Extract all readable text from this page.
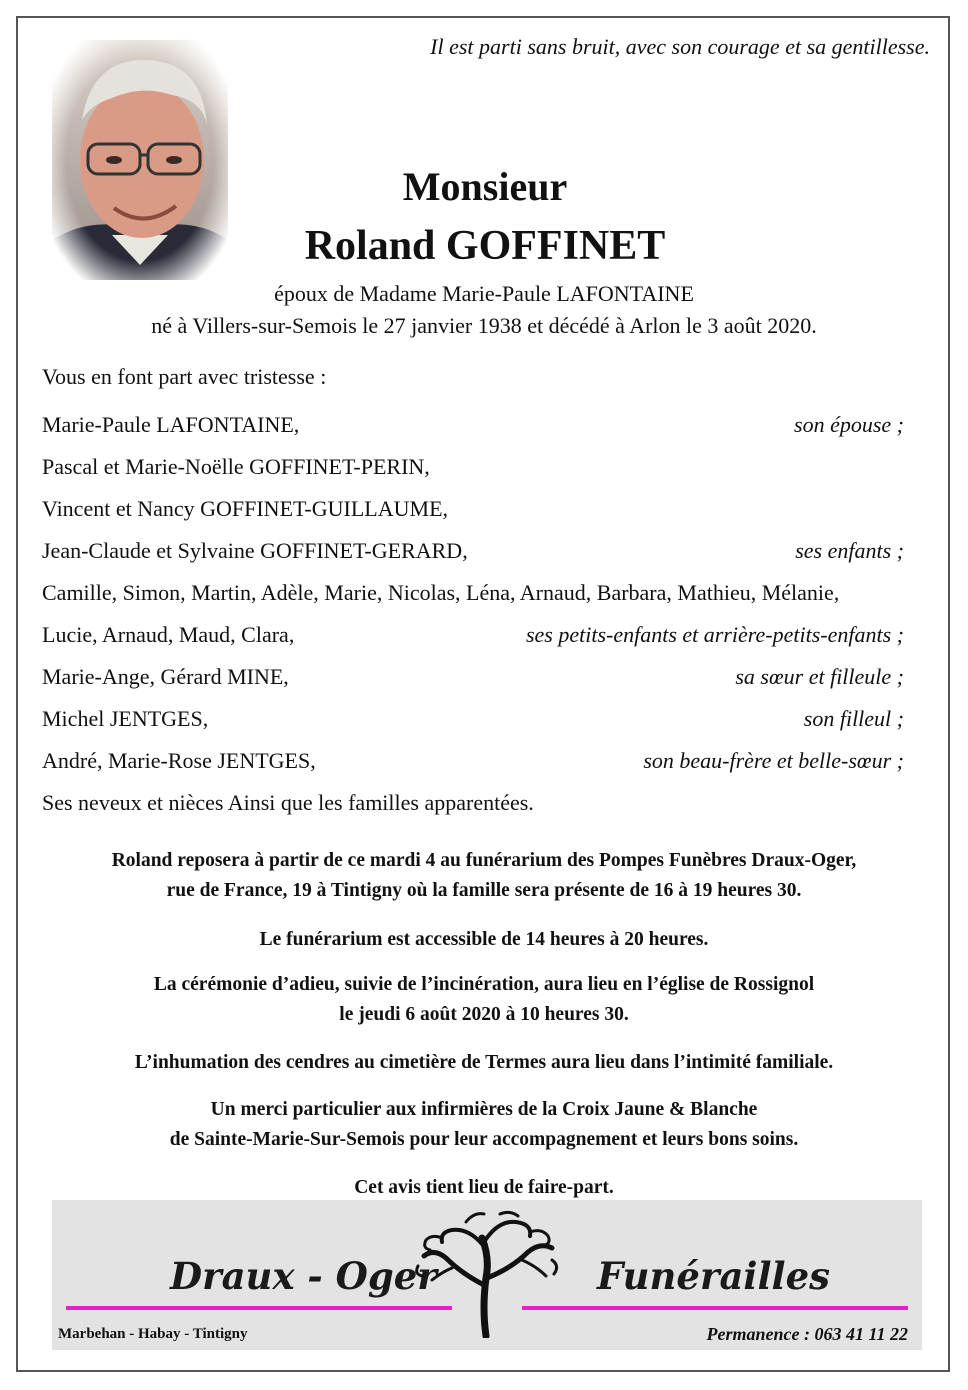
Il est parti sans bruit, avec son courage et sa gentillesse.
Monsieur
Roland GOFFINET
époux de Madame Marie-Paule LAFONTAINE
né à Villers-sur-Semois le 27 janvier 1938 et décédé à Arlon le 3 août 2020.
Vous en font part avec tristesse :
Marie-Paule LAFONTAINE,	son épouse ;
Pascal et Marie-Noëlle GOFFINET-PERIN,
Vincent et Nancy GOFFINET-GUILLAUME,
Jean-Claude et Sylvaine GOFFINET-GERARD,	ses enfants ;
Camille, Simon, Martin, Adèle, Marie, Nicolas, Léna, Arnaud, Barbara, Mathieu, Mélanie,
Lucie, Arnaud, Maud, Clara,	ses petits-enfants et arrière-petits-enfants ;
Marie-Ange, Gérard MINE,	sa sœur et filleule ;
Michel JENTGES,	son filleul ;
André, Marie-Rose JENTGES,	son beau-frère et belle-sœur ;
Ses neveux et nièces Ainsi que les familles apparentées.
Roland reposera à partir de ce mardi 4 au funérarium des Pompes Funèbres Draux-Oger,
rue de France, 19 à Tintigny où la famille sera présente de 16 à 19 heures 30.
Le funérarium est accessible de 14 heures à 20 heures.
La cérémonie d’adieu, suivie de l’incinération, aura lieu en l’église de Rossignol
le jeudi 6 août 2020 à 10 heures 30.
L’inhumation des cendres au cimetière de Termes aura lieu dans l’intimité familiale.
Un merci particulier aux infirmières de la Croix Jaune & Blanche
de Sainte-Marie-Sur-Semois pour leur accompagnement et leurs bons soins.
Cet avis tient lieu de faire-part.
Draux - Oger	Funérailles
Marbehan - Habay - Tintigny	Permanence : 063 41 11 22
